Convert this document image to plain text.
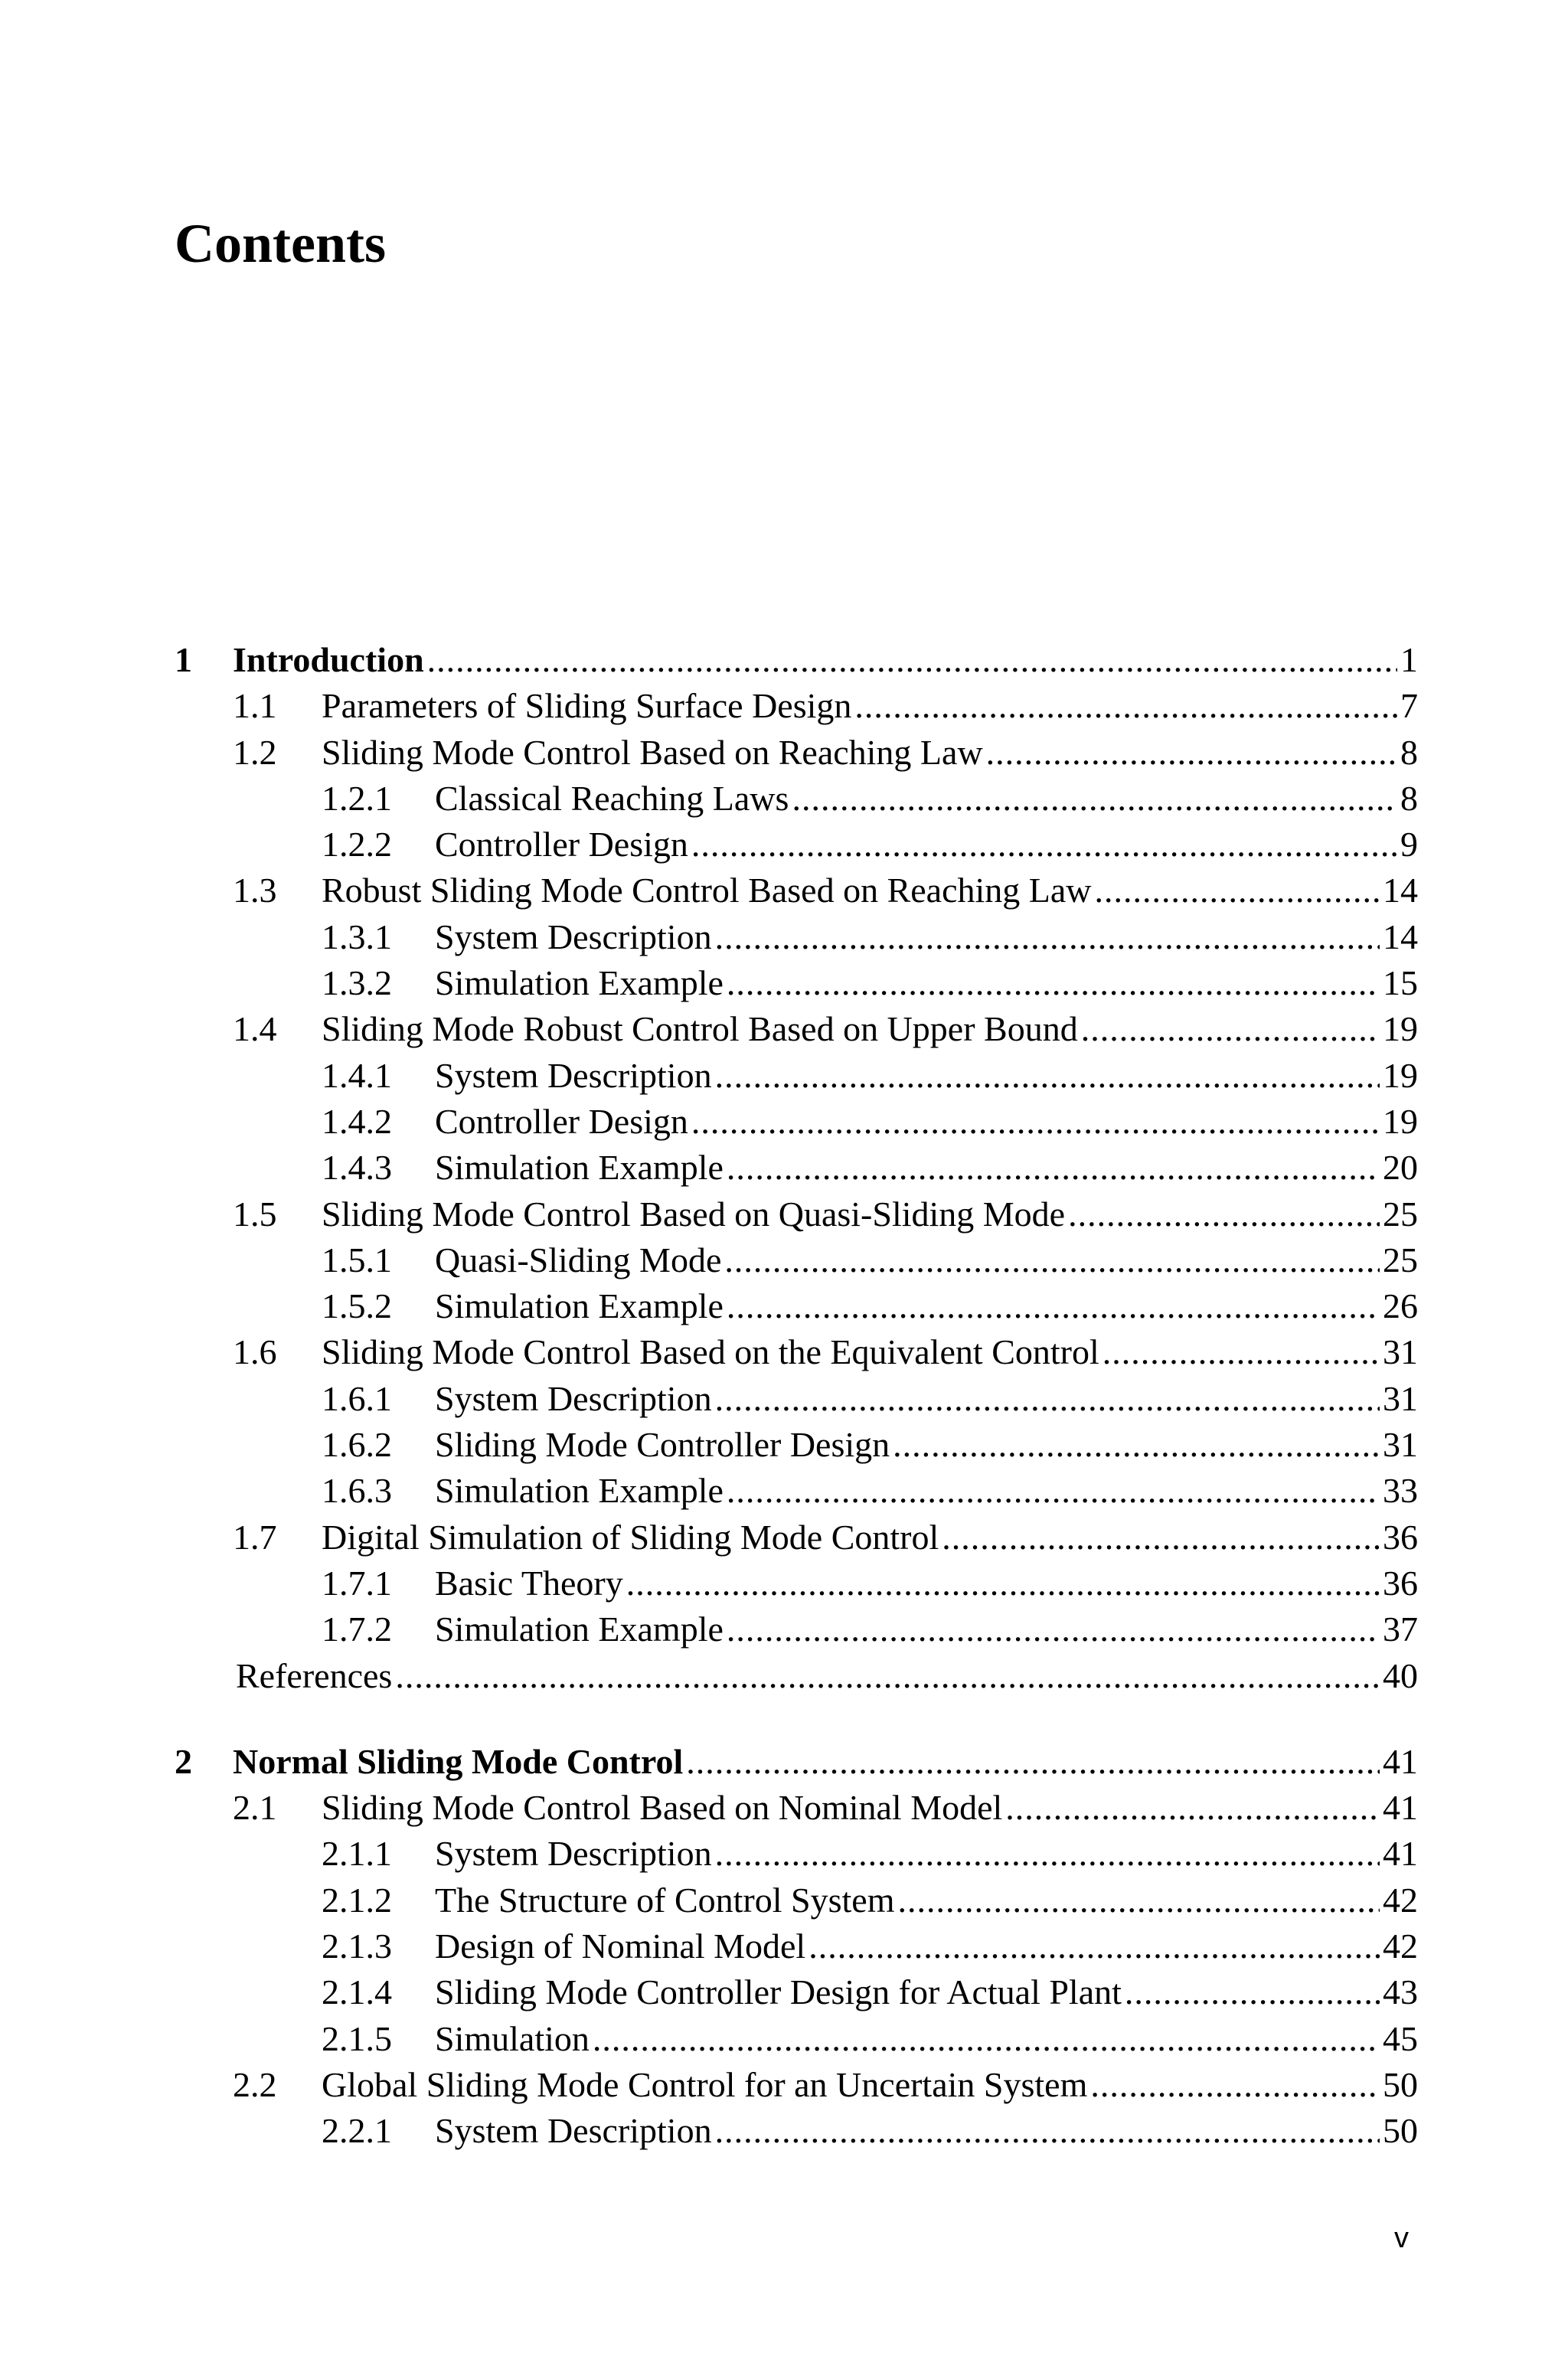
Contents
1	Introduction .....	1
1.1	Parameters of Sliding Surface Design .....	7
1.2	Sliding Mode Control Based on Reaching Law .....	8
1.2.1	Classical Reaching Laws .....	8
1.2.2	Controller Design .....	9
1.3	Robust Sliding Mode Control Based on Reaching Law .....	14
1.3.1	System Description .....	14
1.3.2	Simulation Example .....	15
1.4	Sliding Mode Robust Control Based on Upper Bound .....	19
1.4.1	System Description .....	19
1.4.2	Controller Design .....	19
1.4.3	Simulation Example .....	20
1.5	Sliding Mode Control Based on Quasi-Sliding Mode .....	25
1.5.1	Quasi-Sliding Mode .....	25
1.5.2	Simulation Example .....	26
1.6	Sliding Mode Control Based on the Equivalent Control .....	31
1.6.1	System Description .....	31
1.6.2	Sliding Mode Controller Design .....	31
1.6.3	Simulation Example .....	33
1.7	Digital Simulation of Sliding Mode Control .....	36
1.7.1	Basic Theory .....	36
1.7.2	Simulation Example .....	37
References .....	40
2	Normal Sliding Mode Control .....	41
2.1	Sliding Mode Control Based on Nominal Model .....	41
2.1.1	System Description .....	41
2.1.2	The Structure of Control System .....	42
2.1.3	Design of Nominal Model .....	42
2.1.4	Sliding Mode Controller Design for Actual Plant .....	43
2.1.5	Simulation .....	45
2.2	Global Sliding Mode Control for an Uncertain System .....	50
2.2.1	System Description .....	50
v
